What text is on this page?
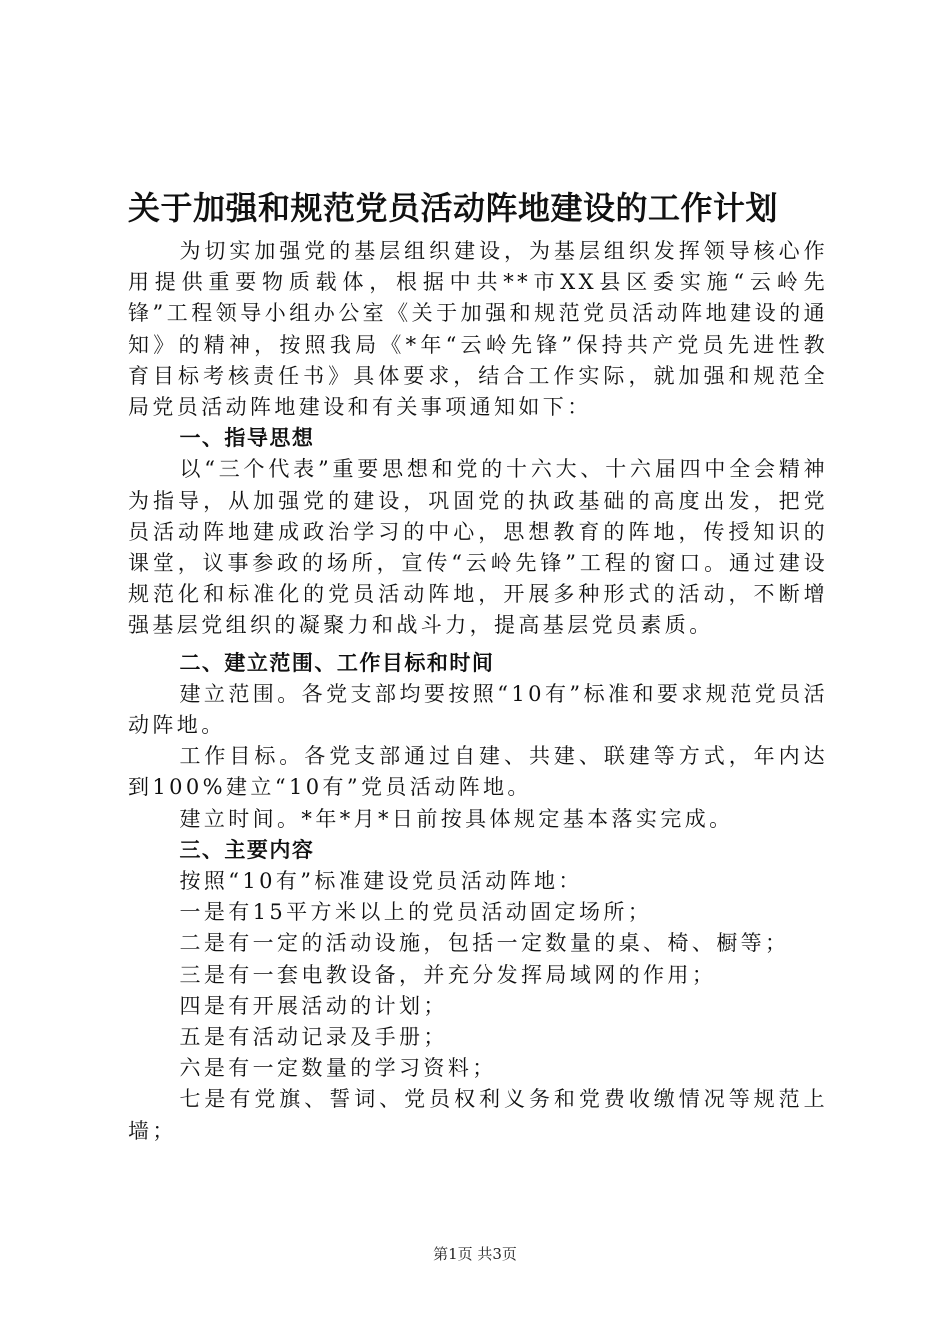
关于加强和规范党员活动阵地建设的工作计划

为切实加强党的基层组织建设，为基层组织发挥领导核心作用提供重要物质载体，根据中共**市XX县区委实施“云岭先锋”工程领导小组办公室《关于加强和规范党员活动阵地建设的通知》的精神，按照我局《*年“云岭先锋”保持共产党员先进性教育目标考核责任书》具体要求，结合工作实际，就加强和规范全局党员活动阵地建设和有关事项通知如下：

一、指导思想

以“三个代表”重要思想和党的十六大、十六届四中全会精神为指导，从加强党的建设，巩固党的执政基础的高度出发，把党员活动阵地建成政治学习的中心，思想教育的阵地，传授知识的课堂，议事参政的场所，宣传“云岭先锋”工程的窗口。通过建设规范化和标准化的党员活动阵地，开展多种形式的活动，不断增强基层党组织的凝聚力和战斗力，提高基层党员素质。

二、建立范围、工作目标和时间

建立范围。各党支部均要按照“10有”标准和要求规范党员活动阵地。

工作目标。各党支部通过自建、共建、联建等方式，年内达到100%建立“10有”党员活动阵地。

建立时间。*年*月*日前按具体规定基本落实完成。

三、主要内容

按照“10有”标准建设党员活动阵地：

一是有15平方米以上的党员活动固定场所；

二是有一定的活动设施，包括一定数量的桌、椅、橱等；

三是有一套电教设备，并充分发挥局域网的作用；

四是有开展活动的计划；

五是有活动记录及手册；

六是有一定数量的学习资料；

七是有党旗、誓词、党员权利义务和党费收缴情况等规范上墙；

第1页 共3页
